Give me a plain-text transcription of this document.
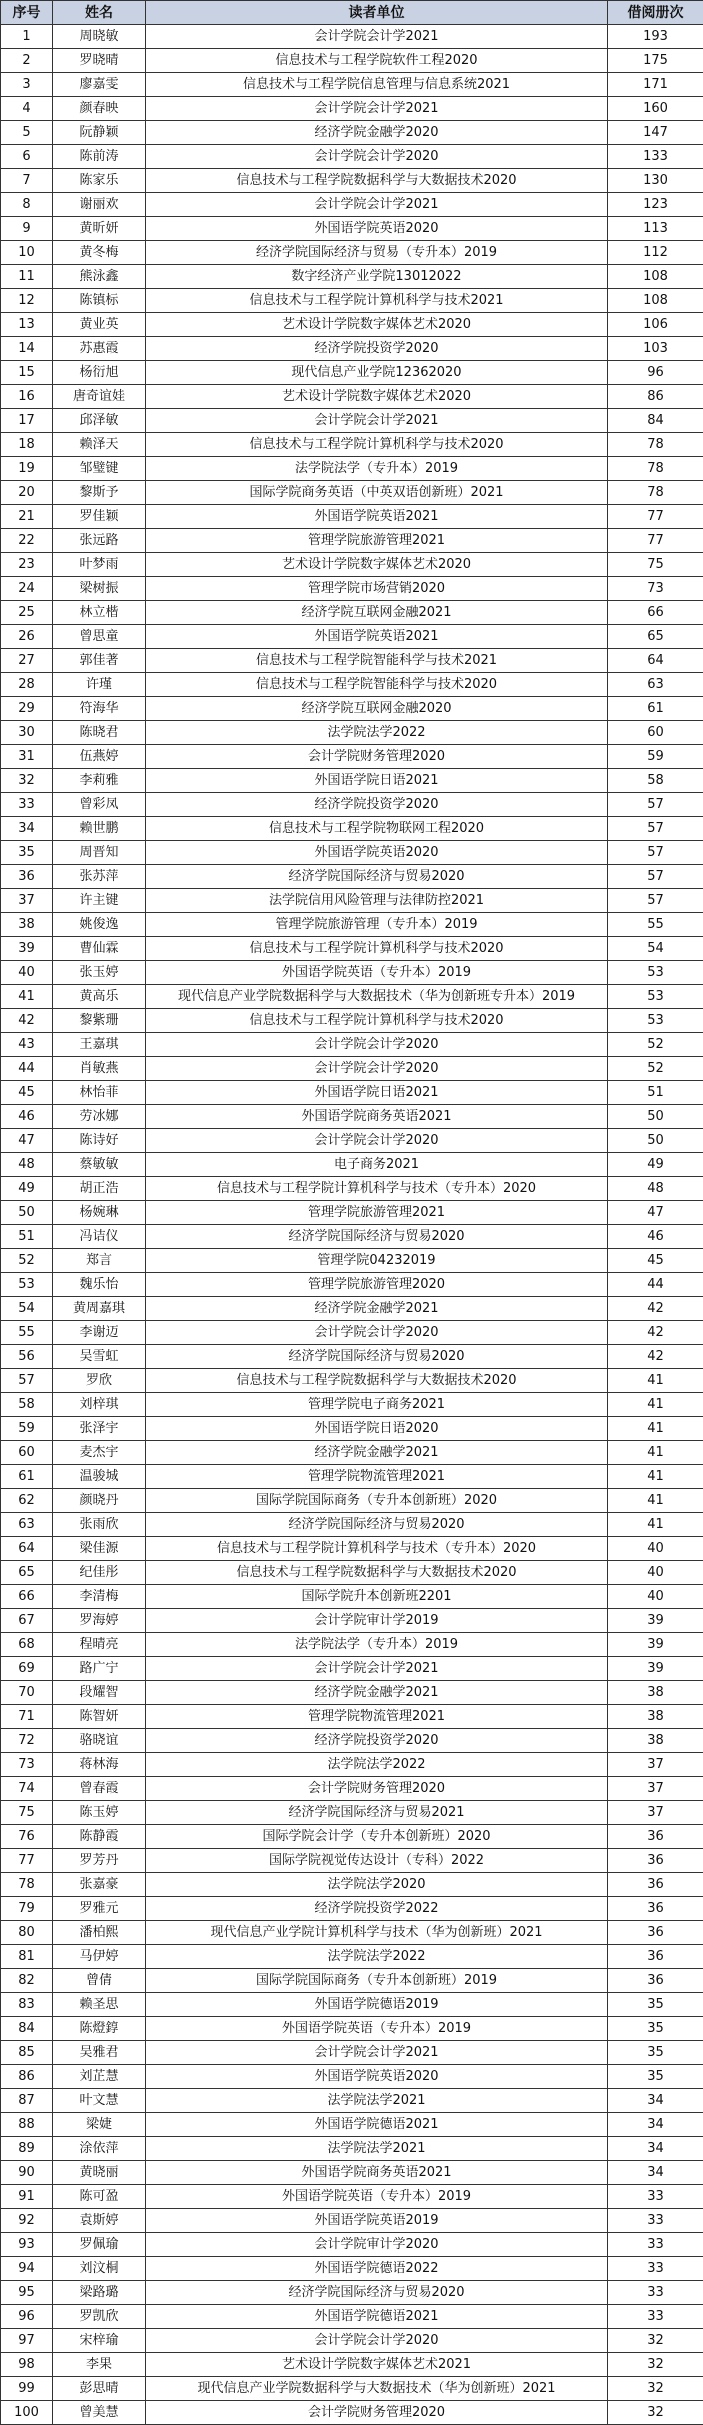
序号	姓名	读者单位	借阅册次
1	周晓敏	会计学院会计学2021	193
2	罗晓晴	信息技术与工程学院软件工程2020	175
3	廖嘉雯	信息技术与工程学院信息管理与信息系统2021	171
4	颜春映	会计学院会计学2021	160
5	阮静颖	经济学院金融学2020	147
6	陈前涛	会计学院会计学2020	133
7	陈家乐	信息技术与工程学院数据科学与大数据技术2020	130
8	谢丽欢	会计学院会计学2021	123
9	黄昕妍	外国语学院英语2020	113
10	黄冬梅	经济学院国际经济与贸易（专升本）2019	112
11	熊泳鑫	数字经济产业学院13012022	108
12	陈镇标	信息技术与工程学院计算机科学与技术2021	108
13	黄业英	艺术设计学院数字媒体艺术2020	106
14	苏惠霞	经济学院投资学2020	103
15	杨衍旭	现代信息产业学院12362020	96
16	唐奇谊娃	艺术设计学院数字媒体艺术2020	86
17	邱泽敏	会计学院会计学2021	84
18	赖泽天	信息技术与工程学院计算机科学与技术2020	78
19	邹璧键	法学院法学（专升本）2019	78
20	黎斯予	国际学院商务英语（中英双语创新班）2021	78
21	罗佳颖	外国语学院英语2021	77
22	张远路	管理学院旅游管理2021	77
23	叶梦雨	艺术设计学院数字媒体艺术2020	75
24	梁树振	管理学院市场营销2020	73
25	林立楷	经济学院互联网金融2021	66
26	曾思童	外国语学院英语2021	65
27	郭佳著	信息技术与工程学院智能科学与技术2021	64
28	许瑾	信息技术与工程学院智能科学与技术2020	63
29	符海华	经济学院互联网金融2020	61
30	陈晓君	法学院法学2022	60
31	伍燕婷	会计学院财务管理2020	59
32	李莉雅	外国语学院日语2021	58
33	曾彩凤	经济学院投资学2020	57
34	赖世鹏	信息技术与工程学院物联网工程2020	57
35	周晋知	外国语学院英语2020	57
36	张苏萍	经济学院国际经济与贸易2020	57
37	许主键	法学院信用风险管理与法律防控2021	57
38	姚俊逸	管理学院旅游管理（专升本）2019	55
39	曹仙霖	信息技术与工程学院计算机科学与技术2020	54
40	张玉婷	外国语学院英语（专升本）2019	53
41	黄高乐	现代信息产业学院数据科学与大数据技术（华为创新班专升本）2019	53
42	黎紫珊	信息技术与工程学院计算机科学与技术2020	53
43	王嘉琪	会计学院会计学2020	52
44	肖敏燕	会计学院会计学2020	52
45	林怡菲	外国语学院日语2021	51
46	劳冰娜	外国语学院商务英语2021	50
47	陈诗好	会计学院会计学2020	50
48	蔡敏敏	电子商务2021	49
49	胡正浩	信息技术与工程学院计算机科学与技术（专升本）2020	48
50	杨婉琳	管理学院旅游管理2021	47
51	冯诘仪	经济学院国际经济与贸易2020	46
52	郑言	管理学院04232019	45
53	魏乐怡	管理学院旅游管理2020	44
54	黄周嘉琪	经济学院金融学2021	42
55	李谢迈	会计学院会计学2020	42
56	吴雪虹	经济学院国际经济与贸易2020	42
57	罗欣	信息技术与工程学院数据科学与大数据技术2020	41
58	刘梓琪	管理学院电子商务2021	41
59	张泽宇	外国语学院日语2020	41
60	麦杰宇	经济学院金融学2021	41
61	温骏城	管理学院物流管理2021	41
62	颜晓丹	国际学院国际商务（专升本创新班）2020	41
63	张雨欣	经济学院国际经济与贸易2020	41
64	梁佳源	信息技术与工程学院计算机科学与技术（专升本）2020	40
65	纪佳彤	信息技术与工程学院数据科学与大数据技术2020	40
66	李清梅	国际学院升本创新班2201	40
67	罗海婷	会计学院审计学2019	39
68	程晴亮	法学院法学（专升本）2019	39
69	路广宁	会计学院会计学2021	39
70	段耀智	经济学院金融学2021	38
71	陈智妍	管理学院物流管理2021	38
72	骆晓谊	经济学院投资学2020	38
73	蒋林海	法学院法学2022	37
74	曾春霞	会计学院财务管理2020	37
75	陈玉婷	经济学院国际经济与贸易2021	37
76	陈静霞	国际学院会计学（专升本创新班）2020	36
77	罗芳丹	国际学院视觉传达设计（专科）2022	36
78	张嘉豪	法学院法学2020	36
79	罗雅元	经济学院投资学2022	36
80	潘柏熙	现代信息产业学院计算机科学与技术（华为创新班）2021	36
81	马伊婷	法学院法学2022	36
82	曾倩	国际学院国际商务（专升本创新班）2019	36
83	赖圣思	外国语学院德语2019	35
84	陈燈錞	外国语学院英语（专升本）2019	35
85	吴雅君	会计学院会计学2021	35
86	刘芷慧	外国语学院英语2020	35
87	叶文慧	法学院法学2021	34
88	梁婕	外国语学院德语2021	34
89	涂依萍	法学院法学2021	34
90	黄晓丽	外国语学院商务英语2021	34
91	陈可盈	外国语学院英语（专升本）2019	33
92	袁斯婷	外国语学院英语2019	33
93	罗佩瑜	会计学院审计学2020	33
94	刘汶桐	外国语学院德语2022	33
95	梁路璐	经济学院国际经济与贸易2020	33
96	罗凯欣	外国语学院德语2021	33
97	宋梓瑜	会计学院会计学2020	32
98	李果	艺术设计学院数字媒体艺术2021	32
99	彭思晴	现代信息产业学院数据科学与大数据技术（华为创新班）2021	32
100	曾美慧	会计学院财务管理2020	32
